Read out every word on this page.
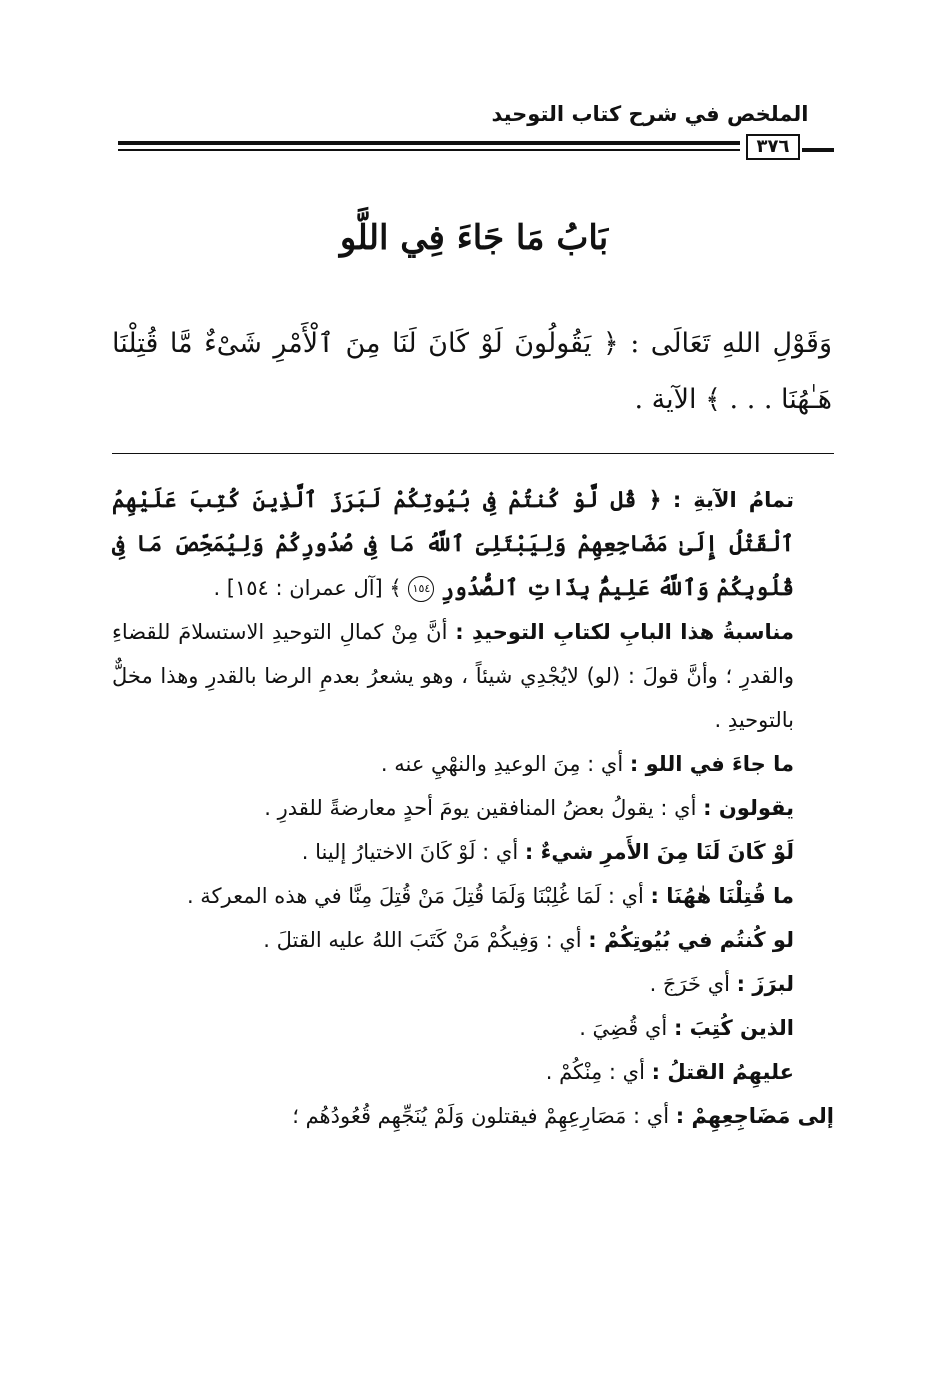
الملخص في شرح كتاب التوحيد
٣٧٦
بَابُ مَا جَاءَ فِي اللَّو
وَقَوْلِ اللهِ تَعَالَى : ﴿ يَقُولُونَ لَوْ كَانَ لَنَا مِنَ ٱلْأَمْرِ شَىْءٌ مَّا قُتِلْنَا هَـٰهُنَا . . . ﴾ الآية .

تمامُ الآيةِ : ﴿ قُل لَّوْ كُنتُمْ فِى بُيُوتِكُمْ لَبَرَزَ ٱلَّذِينَ كُتِبَ عَلَيْهِمُ ٱلْقَتْلُ إِلَىٰ مَضَاجِعِهِمْ وَلِيَبْتَلِىَ ٱللَّهُ مَا فِى صُدُورِكُمْ وَلِيُمَحِّصَ مَا فِى قُلُوبِكُمْ وَٱللَّهُ عَلِيمٌۢ بِذَاتِ ٱلصُّدُورِ ١٥٤ ﴾ [آل عمران : ١٥٤] .

مناسبةُ هذا البابِ لكتابِ التوحيدِ : أنَّ مِنْ كمالِ التوحيدِ الاستسلامَ للقضاءِ والقدرِ ؛ وأنَّ قولَ : (لو) لايُجْدِي شيئاً ، وهو يشعرُ بعدمِ الرضا بالقدرِ وهذا مخلٌّ بالتوحيدِ .

ما جاءَ في اللو : أي : مِنَ الوعيدِ والنهْيِ عنه .

يقولون : أي : يقولُ بعضُ المنافقين يومَ أحدٍ معارضةً للقدرِ .

لَوْ كَانَ لَنَا مِنَ الأَمرِ شيءٌ : أي : لَوْ كَانَ الاختيارُ إلينا .

ما قُتِلْنَا هٰهُنَا : أي : لَمَا غُلِبْنَا وَلَمَا قُتِلَ مَنْ قُتِلَ مِنَّا في هذه المعركة .

لو كُنتُم في بُيُوتِكُمْ : أي : وَفِيكُمْ مَنْ كَتَبَ اللهُ عليه القتلَ .

لبرَزَ : أي خَرَجَ .

الذين كُتِبَ : أي قُضِيَ .

عليهِمُ القتلُ : أي : مِنْكُمْ .

إلى مَضَاجِعِهِمْ : أي : مَصَارِعِهِمْ فيقتلون وَلَمْ يُنَجِّهِم قُعُودُهُم ؛
